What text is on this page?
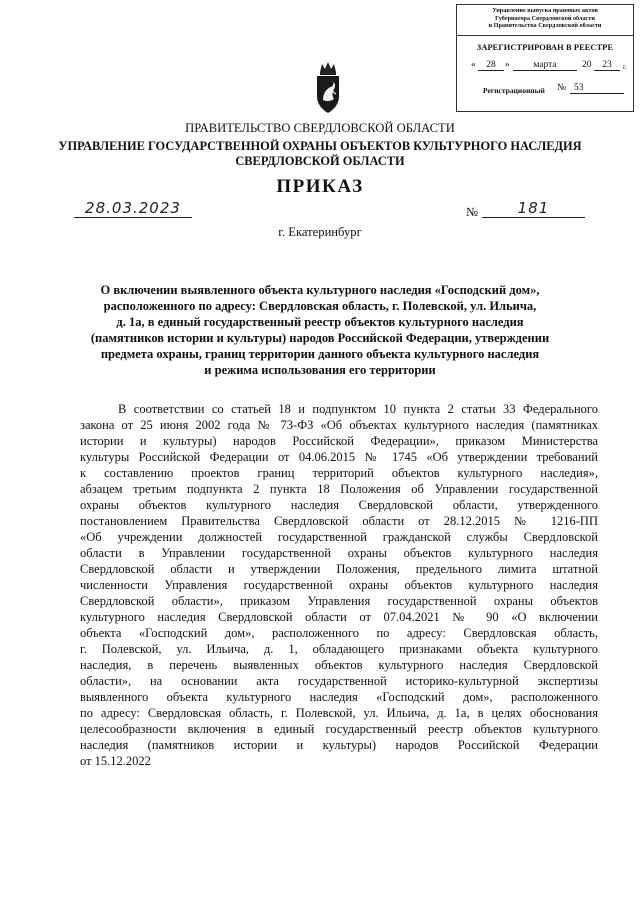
Управление выпуска правовых актов
Губернатора Свердловской области
и Правительства Свердловской области
ЗАРЕГИСТРИРОВАН В РЕЕСТРЕ
«	28 »	марта	20	23	г.
Регистрационный № 53
ПРАВИТЕЛЬСТВО СВЕРДЛОВСКОЙ ОБЛАСТИ
УПРАВЛЕНИЕ ГОСУДАРСТВЕННОЙ ОХРАНЫ ОБЪЕКТОВ КУЛЬТУРНОГО НАСЛЕДИЯ
СВЕРДЛОВСКОЙ ОБЛАСТИ
ПРИКАЗ
28.03.2023	№	181
г. Екатеринбург
О включении выявленного объекта культурного наследия «Господский дом»,
расположенного по адресу: Свердловская область, г. Полевской, ул. Ильича,
д. 1а, в единый государственный реестр объектов культурного наследия
(памятников истории и культуры) народов Российской Федерации, утверждении
предмета охраны, границ территории данного объекта культурного наследия
и режима использования его территории
В соответствии со статьей 18 и подпунктом 10 пункта 2 статьи 33 Федерального
закона от 25 июня 2002 года № 73-ФЗ «Об объектах культурного наследия (памятниках
истории и культуры) народов Российской Федерации», приказом Министерства
культуры Российской Федерации от 04.06.2015 № 1745 «Об утверждении требований
к составлению проектов границ территорий объектов культурного наследия»,
абзацем третьим подпункта 2 пункта 18 Положения об Управлении государственной
охраны объектов культурного наследия Свердловской области, утвержденного
постановлением Правительства Свердловской области от 28.12.2015 № 1216-ПП
«Об учреждении должностей государственной гражданской службы Свердловской
области в Управлении государственной охраны объектов культурного наследия
Свердловской области и утверждении Положения, предельного лимита штатной
численности Управления государственной охраны объектов культурного наследия
Свердловской области», приказом Управления государственной охраны объектов
культурного наследия Свердловской области от 07.04.2021 № 90 «О включении
объекта «Господский дом», расположенного по адресу: Свердловская область,
г. Полевской, ул. Ильича, д. 1, обладающего признаками объекта культурного
наследия, в перечень выявленных объектов культурного наследия Свердловской
области», на основании акта государственной историко-культурной экспертизы
выявленного объекта культурного наследия «Господский дом», расположенного
по адресу: Свердловская область, г. Полевской, ул. Ильича, д. 1а, в целях обоснования
целесообразности включения в единый государственный реестр объектов культурного
наследия (памятников истории и культуры) народов Российской Федерации
от 15.12.2022
